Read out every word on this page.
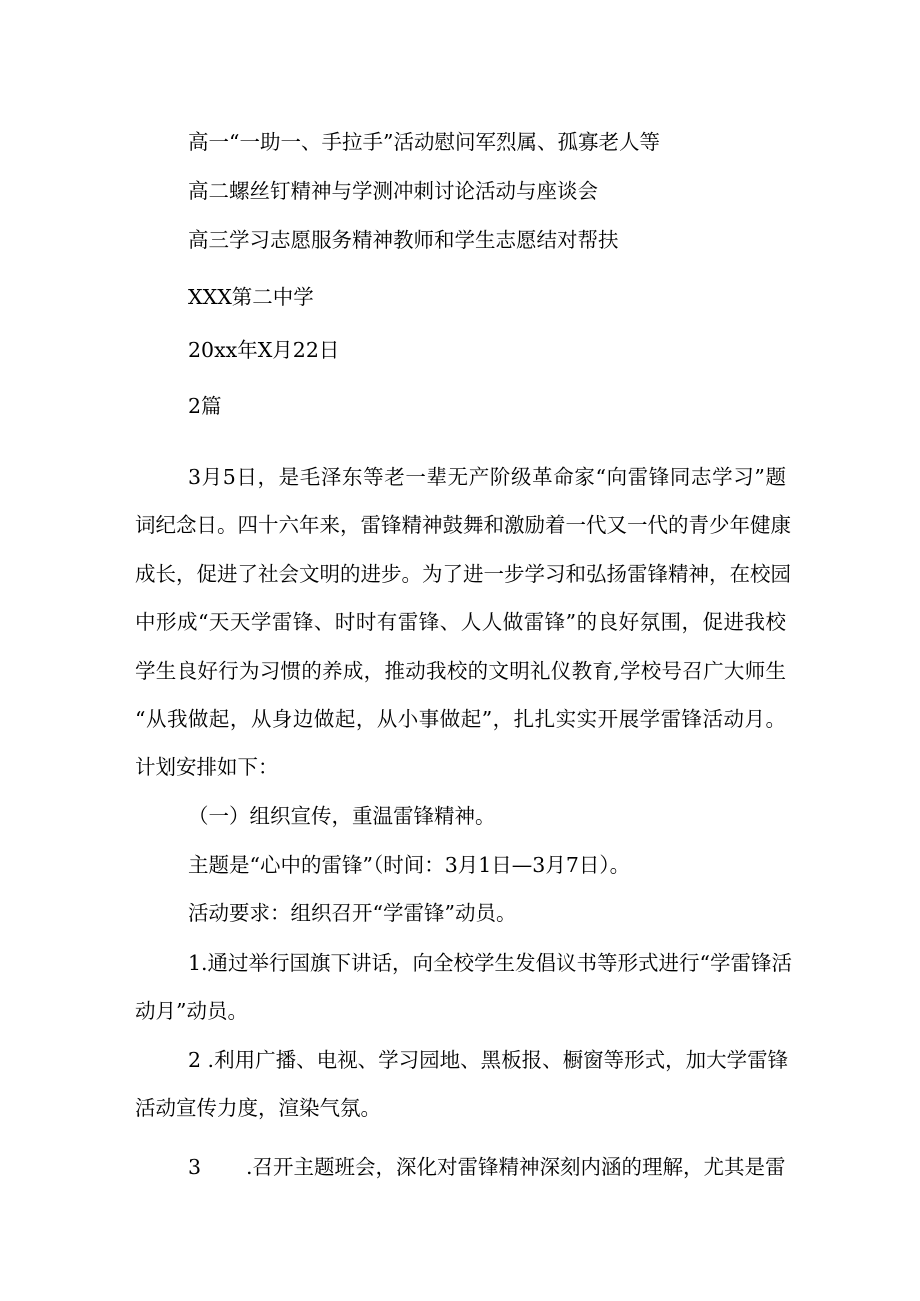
高一“一助一、手拉手”活动慰问军烈属、孤寡老人等

高二螺丝钉精神与学测冲刺讨论活动与座谈会

高三学习志愿服务精神教师和学生志愿结对帮扶

XXX第二中学

20xx年X月22日

2篇

3月5日，是毛泽东等老一辈无产阶级革命家“向雷锋同志学习”题

词纪念日。四十六年来，雷锋精神鼓舞和激励着一代又一代的青少年健康

成长，促进了社会文明的进步。为了进一步学习和弘扬雷锋精神，在校园

中形成“天天学雷锋、时时有雷锋、人人做雷锋”的良好氛围，促进我校

学生良好行为习惯的养成，推动我校的文明礼仪教育,学校号召广大师生

“从我做起，从身边做起，从小事做起”，扎扎实实开展学雷锋活动月。

计划安排如下：

（一）组织宣传，重温雷锋精神。

主题是“心中的雷锋”（时间：3月1日—3月7日）。

活动要求：组织召开“学雷锋”动员。

1.通过举行国旗下讲话，向全校学生发倡议书等形式进行“学雷锋活

动月”动员。

2 .利用广播、电视、学习园地、黑板报、橱窗等形式，加大学雷锋

活动宣传力度，渲染气氛。

3 .召开主题班会，深化对雷锋精神深刻内涵的理解，尤其是雷
